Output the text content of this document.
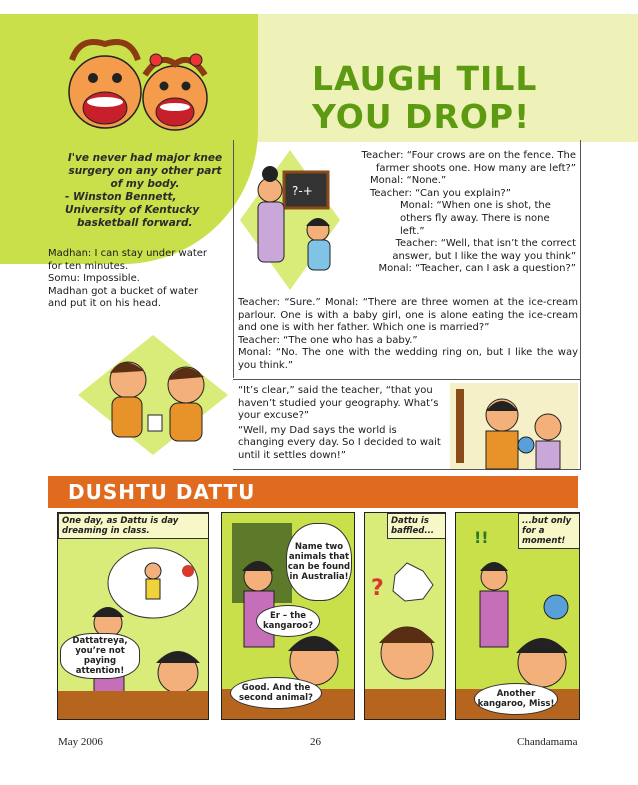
LAUGH TILL
YOU DROP!
I've never had major knee
surgery on any other part
of my body.
- Winston Bennett,
University of Kentucky
basketball forward.
Madhan: I can stay under water
for ten minutes.
Somu: Impossible.
Madhan got a bucket of water
and put it on his head.
?-+

Teacher: “Four crows are on the fence. The

farmer shoots one. How many are left?”

Monal: “None.”

Teacher: “Can you explain?”

Monal: “When one is shot, the

others fly away. There is none

left.”

Teacher: “Well, that isn’t the correct

answer, but I like the way you think”

Monal: “Teacher, can I ask a question?”

Teacher: “Sure.” Monal: “There are three women at the ice-cream parlour. One is with a baby girl, one is alone eating the ice-cream and one is with her father. Which one is married?”

Teacher: “The one who has a baby.”

Monal: “No. The one with the wedding ring on, but I like the way you think.”

“It’s clear,” said the teacher, “that you haven’t studied your geography. What’s your excuse?”

“Well, my Dad says the world is changing every day. So I decided to wait until it settles down!”

DUSHTU DATTU
One day, as Dattu is day dreaming in class.
Dattatreya, you’re not paying attention!
Name two animals that can be found in Australia!
Er – the kangaroo?
Good. And the second animal?
?
Dattu is baffled...	!!
...but only for a moment!
Another kangaroo, Miss!
May 2006	26	Chandamama
